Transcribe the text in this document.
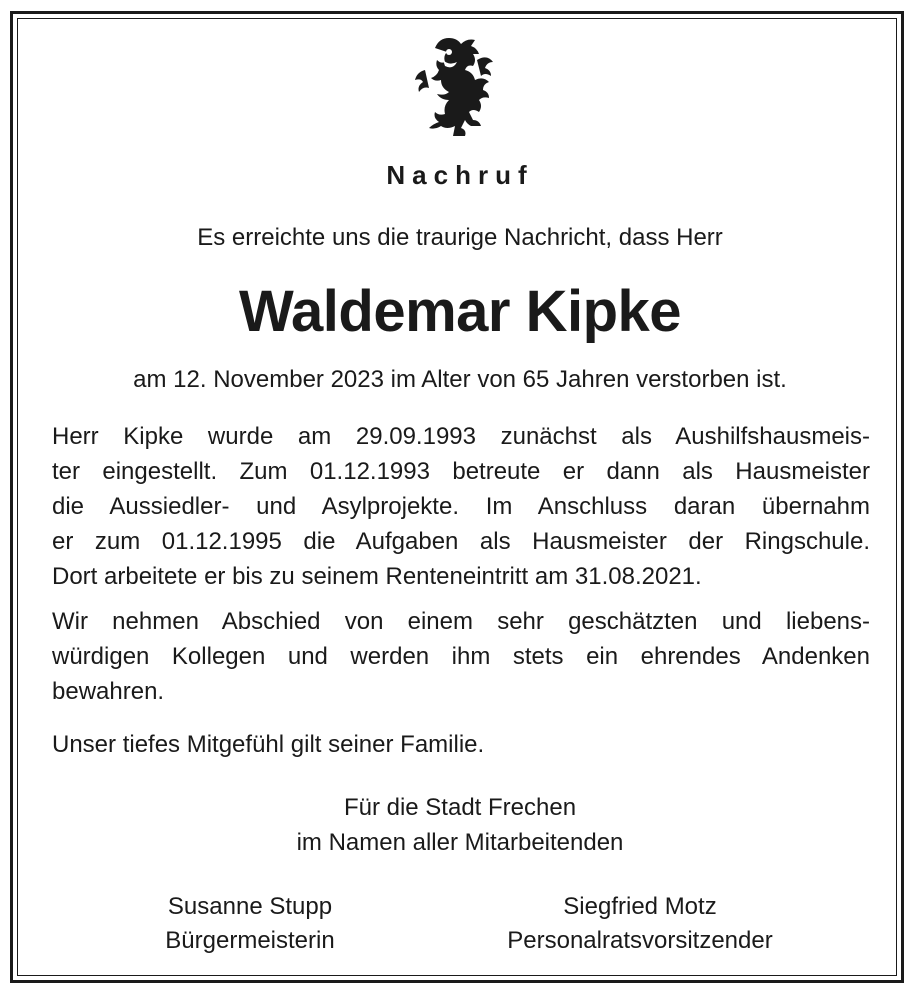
Nachruf
Es erreichte uns die traurige Nachricht, dass Herr
Waldemar Kipke
am 12. November 2023 im Alter von 65 Jahren verstorben ist.
Herr Kipke wurde am 29.09.1993 zunächst als Aushilfshausmeis-
ter eingestellt. Zum 01.12.1993 betreute er dann als Hausmeister
die Aussiedler- und Asylprojekte. Im Anschluss daran übernahm
er zum 01.12.1995 die Aufgaben als Hausmeister der Ringschule.
Dort arbeitete er bis zu seinem Renteneintritt am 31.08.2021.
Wir nehmen Abschied von einem sehr geschätzten und liebens-
würdigen Kollegen und werden ihm stets ein ehrendes Andenken
bewahren.
Unser tiefes Mitgefühl gilt seiner Familie.
Für die Stadt Frechen
im Namen aller Mitarbeitenden
Susanne Stupp
Bürgermeisterin
Siegfried Motz
Personalratsvorsitzender
